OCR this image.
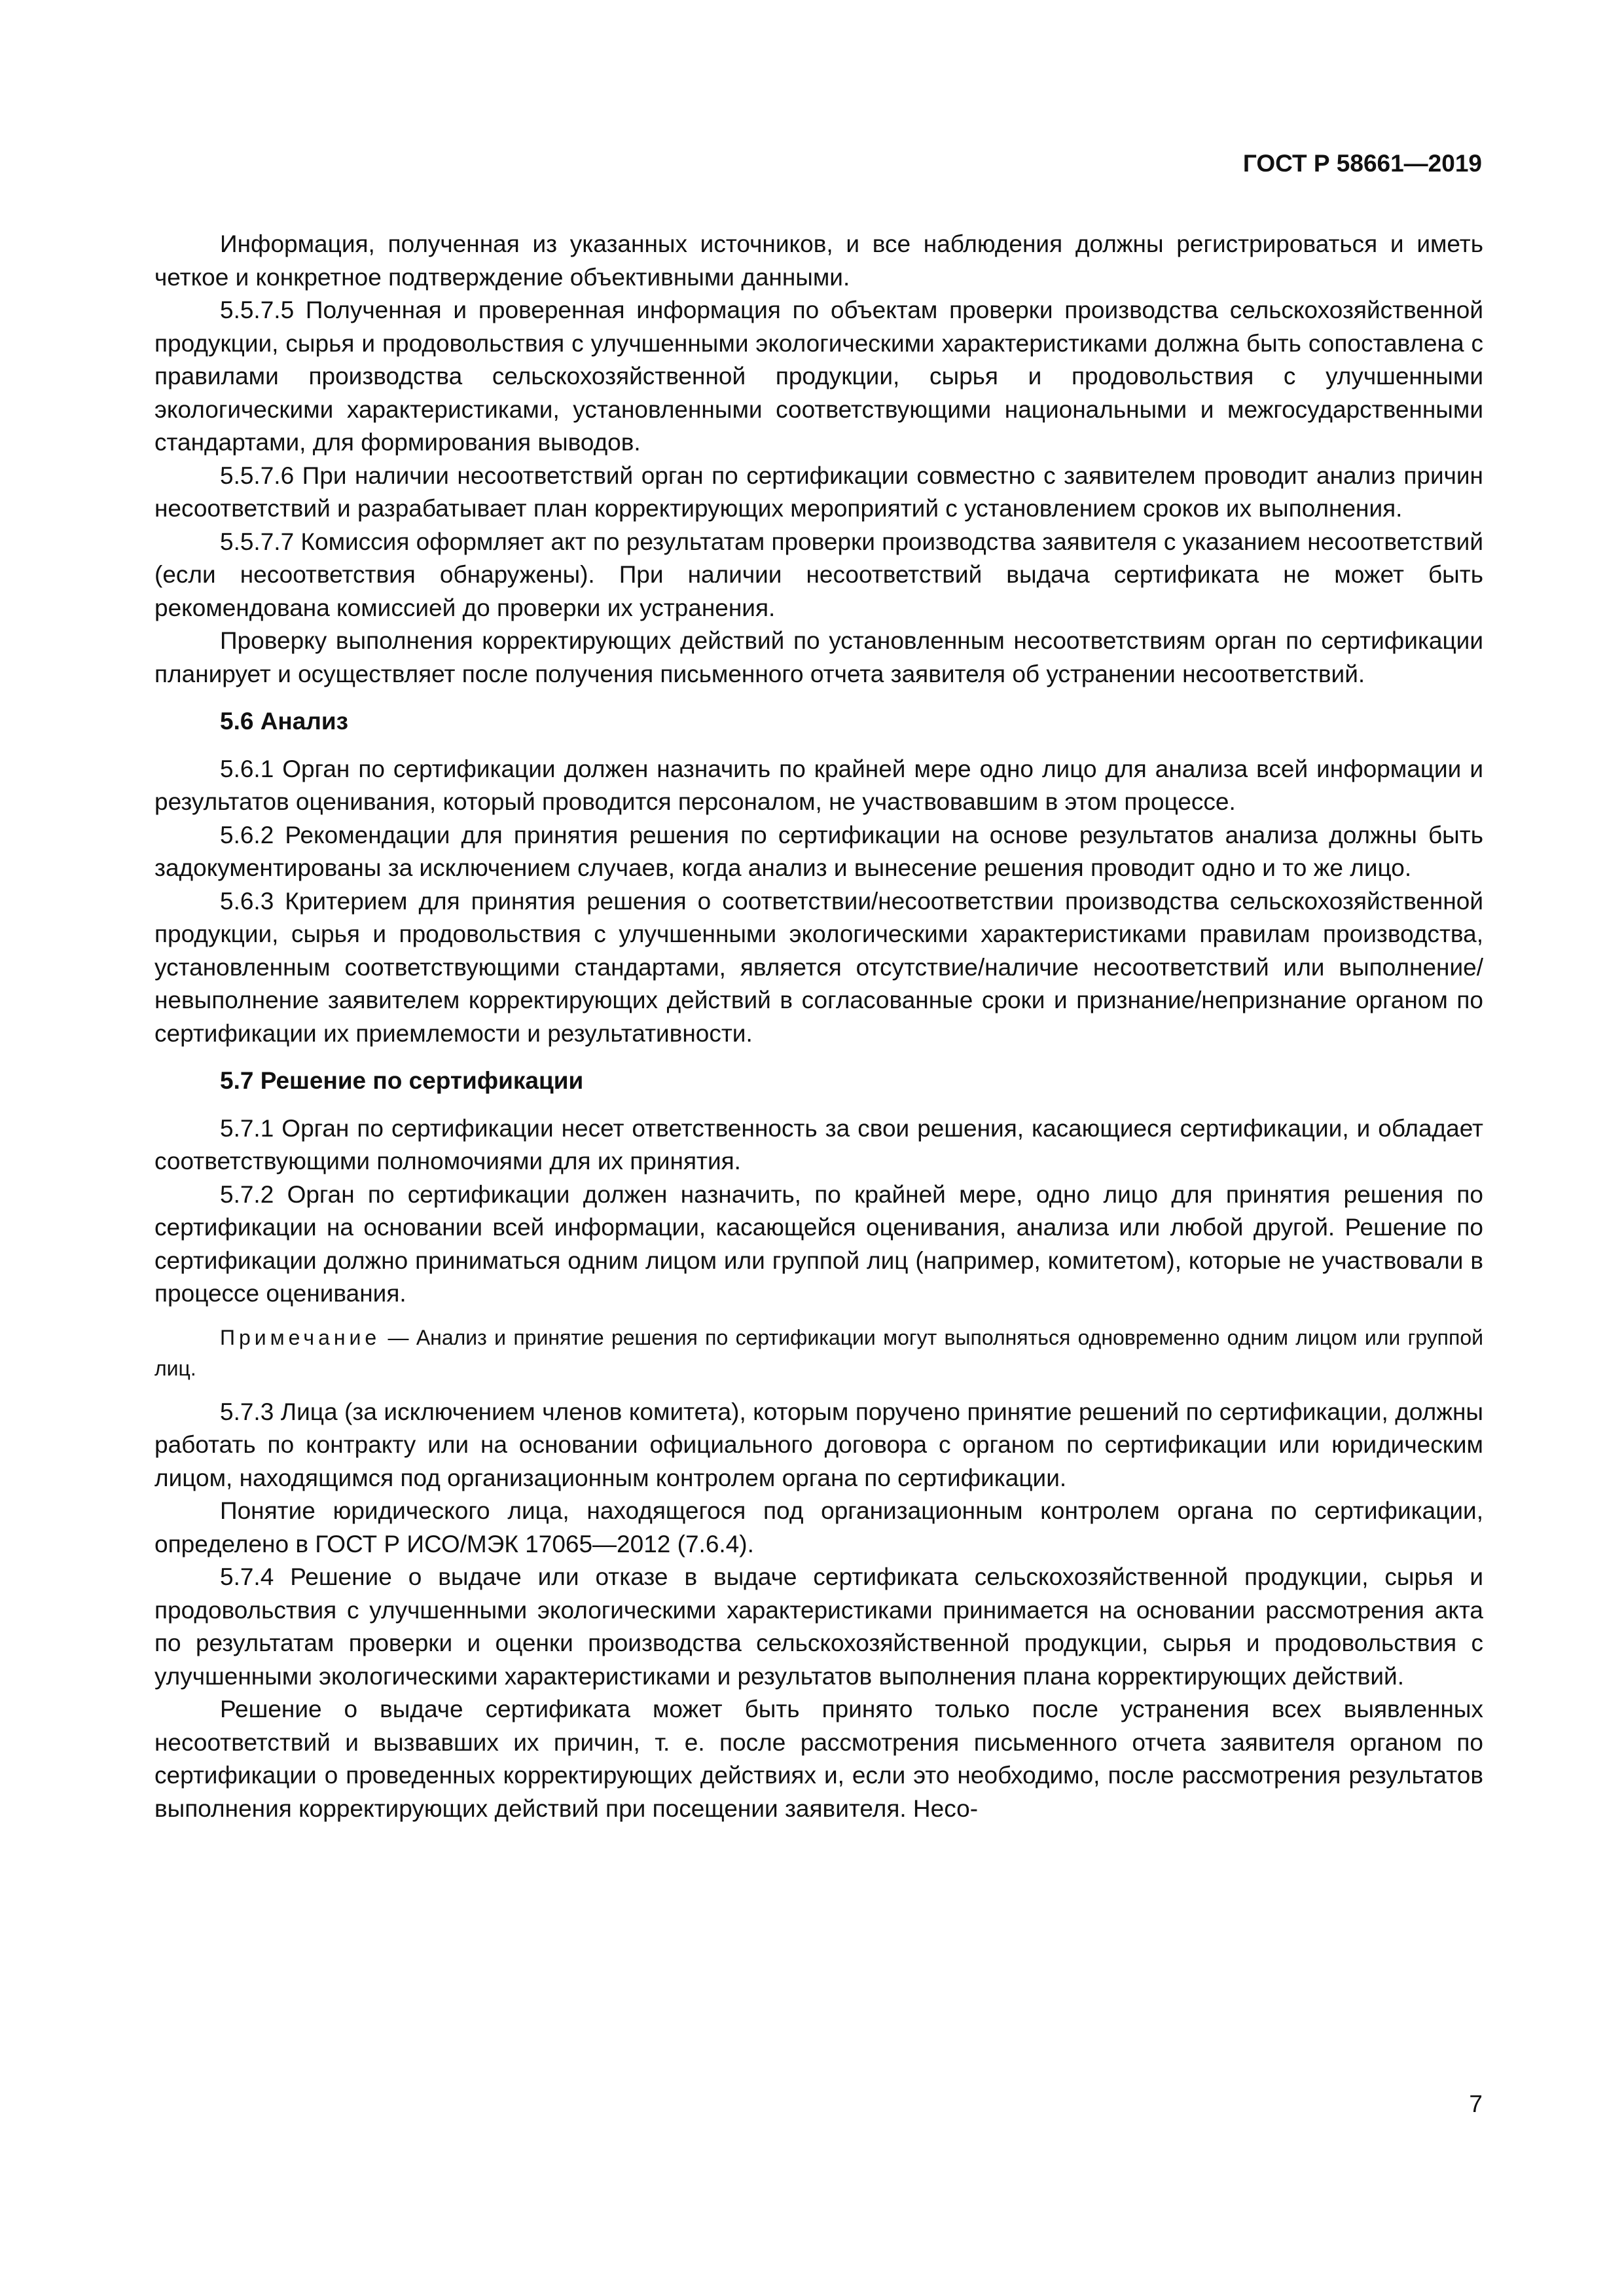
ГОСТ Р 58661—2019

Информация, полученная из указанных источников, и все наблюдения должны регистрироваться и иметь четкое и конкретное подтверждение объективными данными.

5.5.7.5 Полученная и проверенная информация по объектам проверки производства сельскохозяйственной продукции, сырья и продовольствия с улучшенными экологическими характеристиками должна быть сопоставлена с правилами производства сельскохозяйственной продукции, сырья и продовольствия с улучшенными экологическими характеристиками, установленными соответствующими национальными и межгосударственными стандартами, для формирования выводов.

5.5.7.6 При наличии несоответствий орган по сертификации совместно с заявителем проводит анализ причин несоответствий и разрабатывает план корректирующих мероприятий с установлением сроков их выполнения.

5.5.7.7 Комиссия оформляет акт по результатам проверки производства заявителя с указанием несоответствий (если несоответствия обнаружены). При наличии несоответствий выдача сертификата не может быть рекомендована комиссией до проверки их устранения.

Проверку выполнения корректирующих действий по установленным несоответствиям орган по сертификации планирует и осуществляет после получения письменного отчета заявителя об устранении несоответствий.

5.6 Анализ

5.6.1 Орган по сертификации должен назначить по крайней мере одно лицо для анализа всей информации и результатов оценивания, который проводится персоналом, не участвовавшим в этом процессе.

5.6.2 Рекомендации для принятия решения по сертификации на основе результатов анализа должны быть задокументированы за исключением случаев, когда анализ и вынесение решения проводит одно и то же лицо.

5.6.3 Критерием для принятия решения о соответствии/несоответствии производства сельскохозяйственной продукции, сырья и продовольствия с улучшенными экологическими характеристиками правилам производства, установленным соответствующими стандартами, является отсутствие/наличие несоответствий или выполнение/невыполнение заявителем корректирующих действий в согласованные сроки и признание/непризнание органом по сертификации их приемлемости и результативности.

5.7 Решение по сертификации

5.7.1 Орган по сертификации несет ответственность за свои решения, касающиеся сертификации, и обладает соответствующими полномочиями для их принятия.

5.7.2 Орган по сертификации должен назначить, по крайней мере, одно лицо для принятия решения по сертификации на основании всей информации, касающейся оценивания, анализа или любой другой. Решение по сертификации должно приниматься одним лицом или группой лиц (например, комитетом), которые не участвовали в процессе оценивания.

Примечание — Анализ и принятие решения по сертификации могут выполняться одновременно одним лицом или группой лиц.

5.7.3 Лица (за исключением членов комитета), которым поручено принятие решений по сертификации, должны работать по контракту или на основании официального договора с органом по сертификации или юридическим лицом, находящимся под организационным контролем органа по сертификации.

Понятие юридического лица, находящегося под организационным контролем органа по сертификации, определено в ГОСТ Р ИСО/МЭК 17065—2012 (7.6.4).

5.7.4 Решение о выдаче или отказе в выдаче сертификата сельскохозяйственной продукции, сырья и продовольствия с улучшенными экологическими характеристиками принимается на основании рассмотрения акта по результатам проверки и оценки производства сельскохозяйственной продукции, сырья и продовольствия с улучшенными экологическими характеристиками и результатов выполнения плана корректирующих действий.

Решение о выдаче сертификата может быть принято только после устранения всех выявленных несоответствий и вызвавших их причин, т. е. после рассмотрения письменного отчета заявителя органом по сертификации о проведенных корректирующих действиях и, если это необходимо, после рассмотрения результатов выполнения корректирующих действий при посещении заявителя. Несо-

7
